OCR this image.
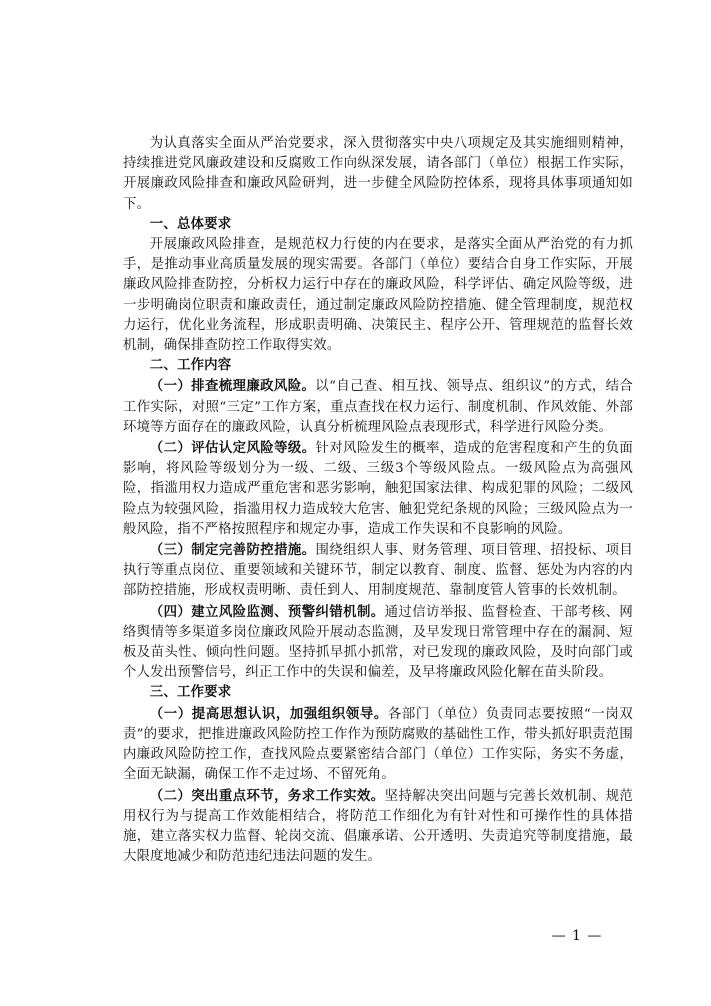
为认真落实全面从严治党要求，深入贯彻落实中央八项规定及其实施细则精神，持续推进党风廉政建设和反腐败工作向纵深发展，请各部门（单位）根据工作实际，开展廉政风险排查和廉政风险研判，进一步健全风险防控体系，现将具体事项通知如下。

一、总体要求

开展廉政风险排查，是规范权力行使的内在要求，是落实全面从严治党的有力抓手，是推动事业高质量发展的现实需要。各部门（单位）要结合自身工作实际，开展廉政风险排查防控，分析权力运行中存在的廉政风险，科学评估、确定风险等级，进一步明确岗位职责和廉政责任，通过制定廉政风险防控措施、健全管理制度，规范权力运行，优化业务流程，形成职责明确、决策民主、程序公开、管理规范的监督长效机制，确保排查防控工作取得实效。

二、工作内容

（一）排查梳理廉政风险。以“自己查、相互找、领导点、组织议”的方式，结合工作实际，对照“三定”工作方案，重点查找在权力运行、制度机制、作风效能、外部环境等方面存在的廉政风险，认真分析梳理风险点表现形式，科学进行风险分类。

（二）评估认定风险等级。针对风险发生的概率，造成的危害程度和产生的负面影响，将风险等级划分为一级、二级、三级3个等级风险点。一级风险点为高强风险，指滥用权力造成严重危害和恶劣影响，触犯国家法律、构成犯罪的风险；二级风险点为较强风险，指滥用权力造成较大危害、触犯党纪条规的风险；三级风险点为一般风险，指不严格按照程序和规定办事，造成工作失误和不良影响的风险。

（三）制定完善防控措施。围绕组织人事、财务管理、项目管理、招投标、项目执行等重点岗位、重要领域和关键环节，制定以教育、制度、监督、惩处为内容的内部防控措施，形成权责明晰、责任到人、用制度规范、靠制度管人管事的长效机制。

（四）建立风险监测、预警纠错机制。通过信访举报、监督检查、干部考核、网络舆情等多渠道多岗位廉政风险开展动态监测，及早发现日常管理中存在的漏洞、短板及苗头性、倾向性问题。坚持抓早抓小抓常，对已发现的廉政风险，及时向部门或个人发出预警信号，纠正工作中的失误和偏差，及早将廉政风险化解在苗头阶段。

三、工作要求

（一）提高思想认识，加强组织领导。各部门（单位）负责同志要按照“一岗双责”的要求，把推进廉政风险防控工作作为预防腐败的基础性工作，带头抓好职责范围内廉政风险防控工作，查找风险点要紧密结合部门（单位）工作实际，务实不务虚，全面无缺漏，确保工作不走过场、不留死角。

（二）突出重点环节，务求工作实效。坚持解决突出问题与完善长效机制、规范用权行为与提高工作效能相结合，将防范工作细化为有针对性和可操作性的具体措施，建立落实权力监督、轮岗交流、倡廉承诺、公开透明、失责追究等制度措施，最大限度地减少和防范违纪违法问题的发生。

— 1 —
